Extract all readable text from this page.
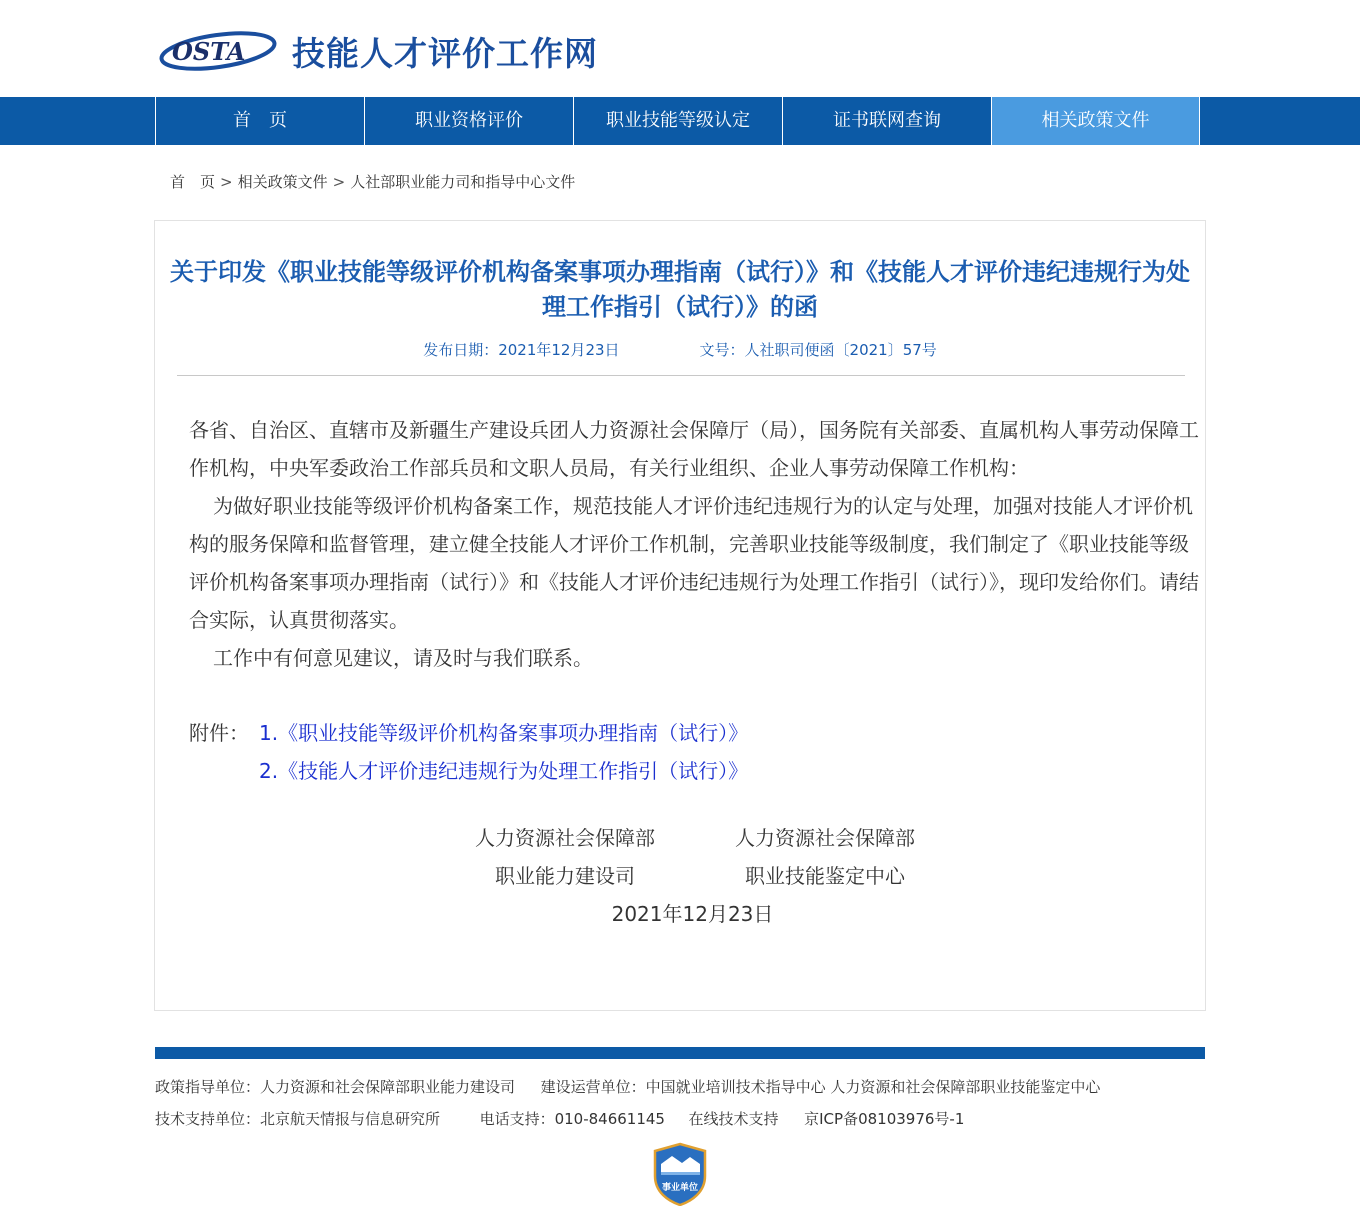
OSTA 技能人才评价工作网
首　页	职业资格评价	职业技能等级认定	证书联网查询	相关政策文件
首　页 > 相关政策文件 > 人社部职业能力司和指导中心文件
关于印发《职业技能等级评价机构备案事项办理指南（试行）》和《技能人才评价违纪违规行为处理工作指引（试行）》的函
发布日期：2021年12月23日	文号：人社职司便函〔2021〕57号

各省、自治区、直辖市及新疆生产建设兵团人力资源社会保障厅（局），国务院有关部委、直属机构人事劳动保障工作机构，中央军委政治工作部兵员和文职人员局，有关行业组织、企业人事劳动保障工作机构：

为做好职业技能等级评价机构备案工作，规范技能人才评价违纪违规行为的认定与处理，加强对技能人才评价机构的服务保障和监督管理，建立健全技能人才评价工作机制，完善职业技能等级制度，我们制定了《职业技能等级评价机构备案事项办理指南（试行）》和《技能人才评价违纪违规行为处理工作指引（试行）》，现印发给你们。请结合实际，认真贯彻落实。

工作中有何意见建议，请及时与我们联系。

附件： 1.《职业技能等级评价机构备案事项办理指南（试行）》
2.《技能人才评价违纪违规行为处理工作指引（试行）》
人力资源社会保障部
职业能力建设司
人力资源社会保障部
职业技能鉴定中心
2021年12月23日
政策指导单位：人力资源和社会保障部职业能力建设司 建设运营单位：中国就业培训技术指导中心 人力资源和社会保障部职业技能鉴定中心
技术支持单位：北京航天情报与信息研究所	电话支持：010-84661145 在线技术支持 京ICP备08103976号-1
事业单位
